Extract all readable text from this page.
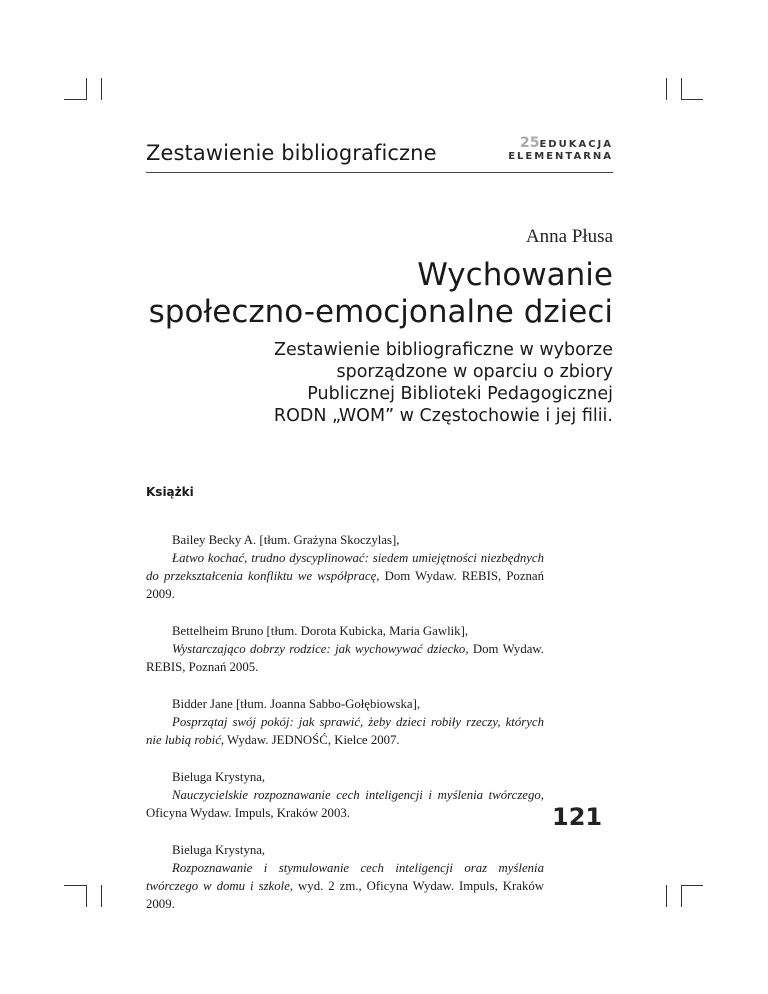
Zestawienie bibliograficzne	25EDUKACJA
ELEMENTARNA
Anna Płusa
Wychowanie
społeczno-emocjonalne dzieci
Zestawienie bibliograficzne w wyborze
sporządzone w oparciu o zbiory
Publicznej Biblioteki Pedagogicznej
RODN „WOM” w Częstochowie i jej filii.
Książki
Bailey Becky A. [tłum. Grażyna Skoczylas],
Łatwo kochać, trudno dyscyplinować: siedem umiejętności niezbędnych do przekształcenia konfliktu we współpracę, Dom Wydaw. REBIS, Poznań 2009.
Bettelheim Bruno [tłum. Dorota Kubicka, Maria Gawlik],
Wystarczająco dobrzy rodzice: jak wychowywać dziecko, Dom Wydaw. REBIS, Poznań 2005.
Bidder Jane [tłum. Joanna Sabbo-Gołębiowska],
Posprzątaj swój pokój: jak sprawić, żeby dzieci robiły rzeczy, których nie lubią robić, Wydaw. JEDNOŚĆ, Kielce 2007.
Bieluga Krystyna,
Nauczycielskie rozpoznawanie cech inteligencji i myślenia twórczego, Oficyna Wydaw. Impuls, Kraków 2003.
Bieluga Krystyna,
Rozpoznawanie i stymulowanie cech inteligencji oraz myślenia twórczego w domu i szkole, wyd. 2 zm., Oficyna Wydaw. Impuls, Kraków 2009.
121
